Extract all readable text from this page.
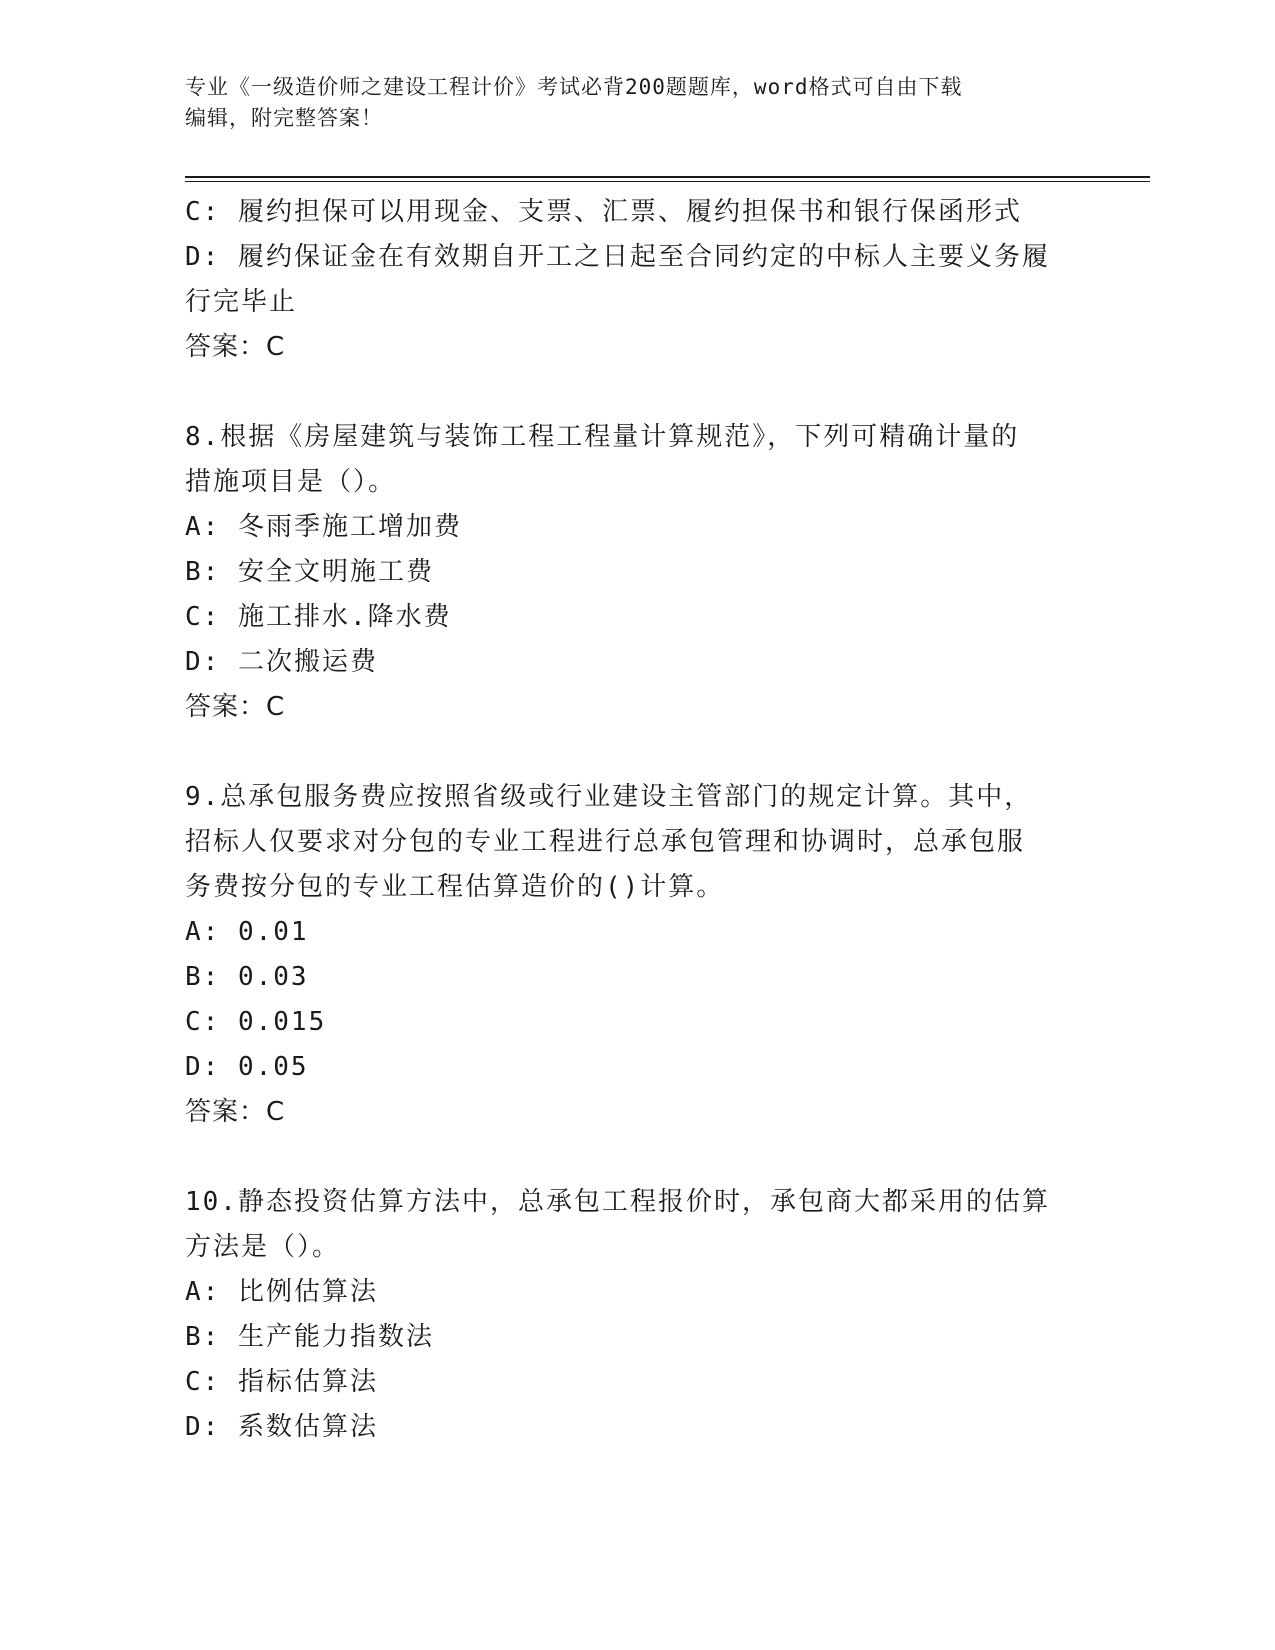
专业《一级造价师之建设工程计价》考试必背200题题库，word格式可自由下载
编辑，附完整答案！
C: 履约担保可以用现金、支票、汇票、履约担保书和银行保函形式
D: 履约保证金在有效期自开工之日起至合同约定的中标人主要义务履
行完毕止
答案：C
8.根据《房屋建筑与装饰工程工程量计算规范》，下列可精确计量的
措施项目是（）。
A: 冬雨季施工增加费
B: 安全文明施工费
C: 施工排水.降水费
D: 二次搬运费
答案：C
9.总承包服务费应按照省级或行业建设主管部门的规定计算。其中，
招标人仅要求对分包的专业工程进行总承包管理和协调时，总承包服
务费按分包的专业工程估算造价的()计算。
A: 0.01
B: 0.03
C: 0.015
D: 0.05
答案：C
10.静态投资估算方法中，总承包工程报价时，承包商大都采用的估算
方法是（）。
A: 比例估算法
B: 生产能力指数法
C: 指标估算法
D: 系数估算法
